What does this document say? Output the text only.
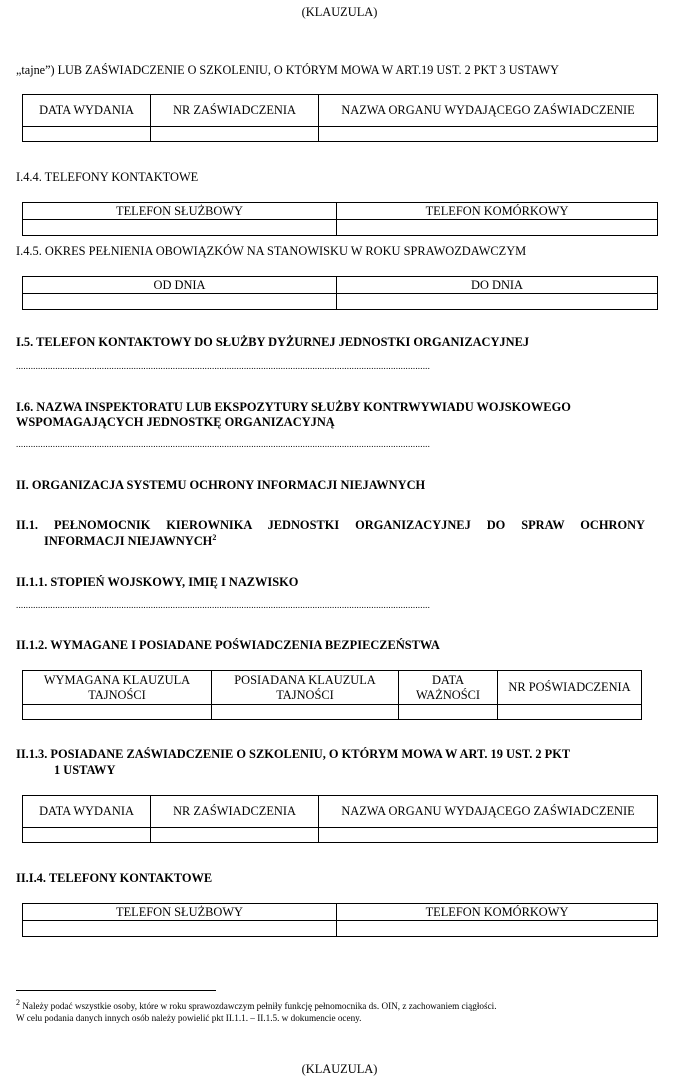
(KLAUZULA)
„tajne”) LUB ZAŚWIADCZENIE O SZKOLENIU, O KTÓRYM MOWA W ART.19 UST. 2 PKT 3 USTAWY
DATA WYDANIA	NR ZAŚWIADCZENIA	NAZWA ORGANU WYDAJĄCEGO ZAŚWIADCZENIE

I.4.4. TELEFONY KONTAKTOWE
TELEFON SŁUŻBOWY	TELEFON KOMÓRKOWY

I.4.5. OKRES PEŁNIENIA OBOWIĄZKÓW NA STANOWISKU W ROKU SPRAWOZDAWCZYM
OD DNIA	DO DNIA

I.5. TELEFON KONTAKTOWY DO SŁUŻBY DYŻURNEJ JEDNOSTKI ORGANIZACYJNEJ
.........................................................................................................................................................................
I.6. NAZWA INSPEKTORATU LUB EKSPOZYTURY SŁUŻBY KONTRWYWIADU WOJSKOWEGO
WSPOMAGAJĄCYCH JEDNOSTKĘ ORGANIZACYJNĄ
.........................................................................................................................................................................
II. ORGANIZACJA SYSTEMU OCHRONY INFORMACJI NIEJAWNYCH
II.1. PEŁNOMOCNIK KIEROWNIKA JEDNOSTKI ORGANIZACYJNEJ DO SPRAW OCHRONY
INFORMACJI NIEJAWNYCH$^2$
II.1.1. STOPIEŃ WOJSKOWY, IMIĘ I NAZWISKO
.........................................................................................................................................................................
II.1.2. WYMAGANE I POSIADANE POŚWIADCZENIA BEZPIECZEŃSTWA
WYMAGANA KLAUZULA TAJNOŚCI	POSIADANA KLAUZULA TAJNOŚCI	DATA WAŻNOŚCI	NR POŚWIADCZENIA

II.1.3. POSIADANE ZAŚWIADCZENIE O SZKOLENIU, O KTÓRYM MOWA W ART. 19 UST. 2 PKT
1 USTAWY
DATA WYDANIA	NR ZAŚWIADCZENIA	NAZWA ORGANU WYDAJĄCEGO ZAŚWIADCZENIE

II.I.4. TELEFONY KONTAKTOWE
TELEFON SŁUŻBOWY	TELEFON KOMÓRKOWY

$^2$ Należy podać wszystkie osoby, które w roku sprawozdawczym pełniły funkcję pełnomocnika ds. OIN, z zachowaniem ciągłości.
W celu podania danych innych osób należy powielić pkt II.1.1. – II.1.5. w dokumencie oceny.
(KLAUZULA)
